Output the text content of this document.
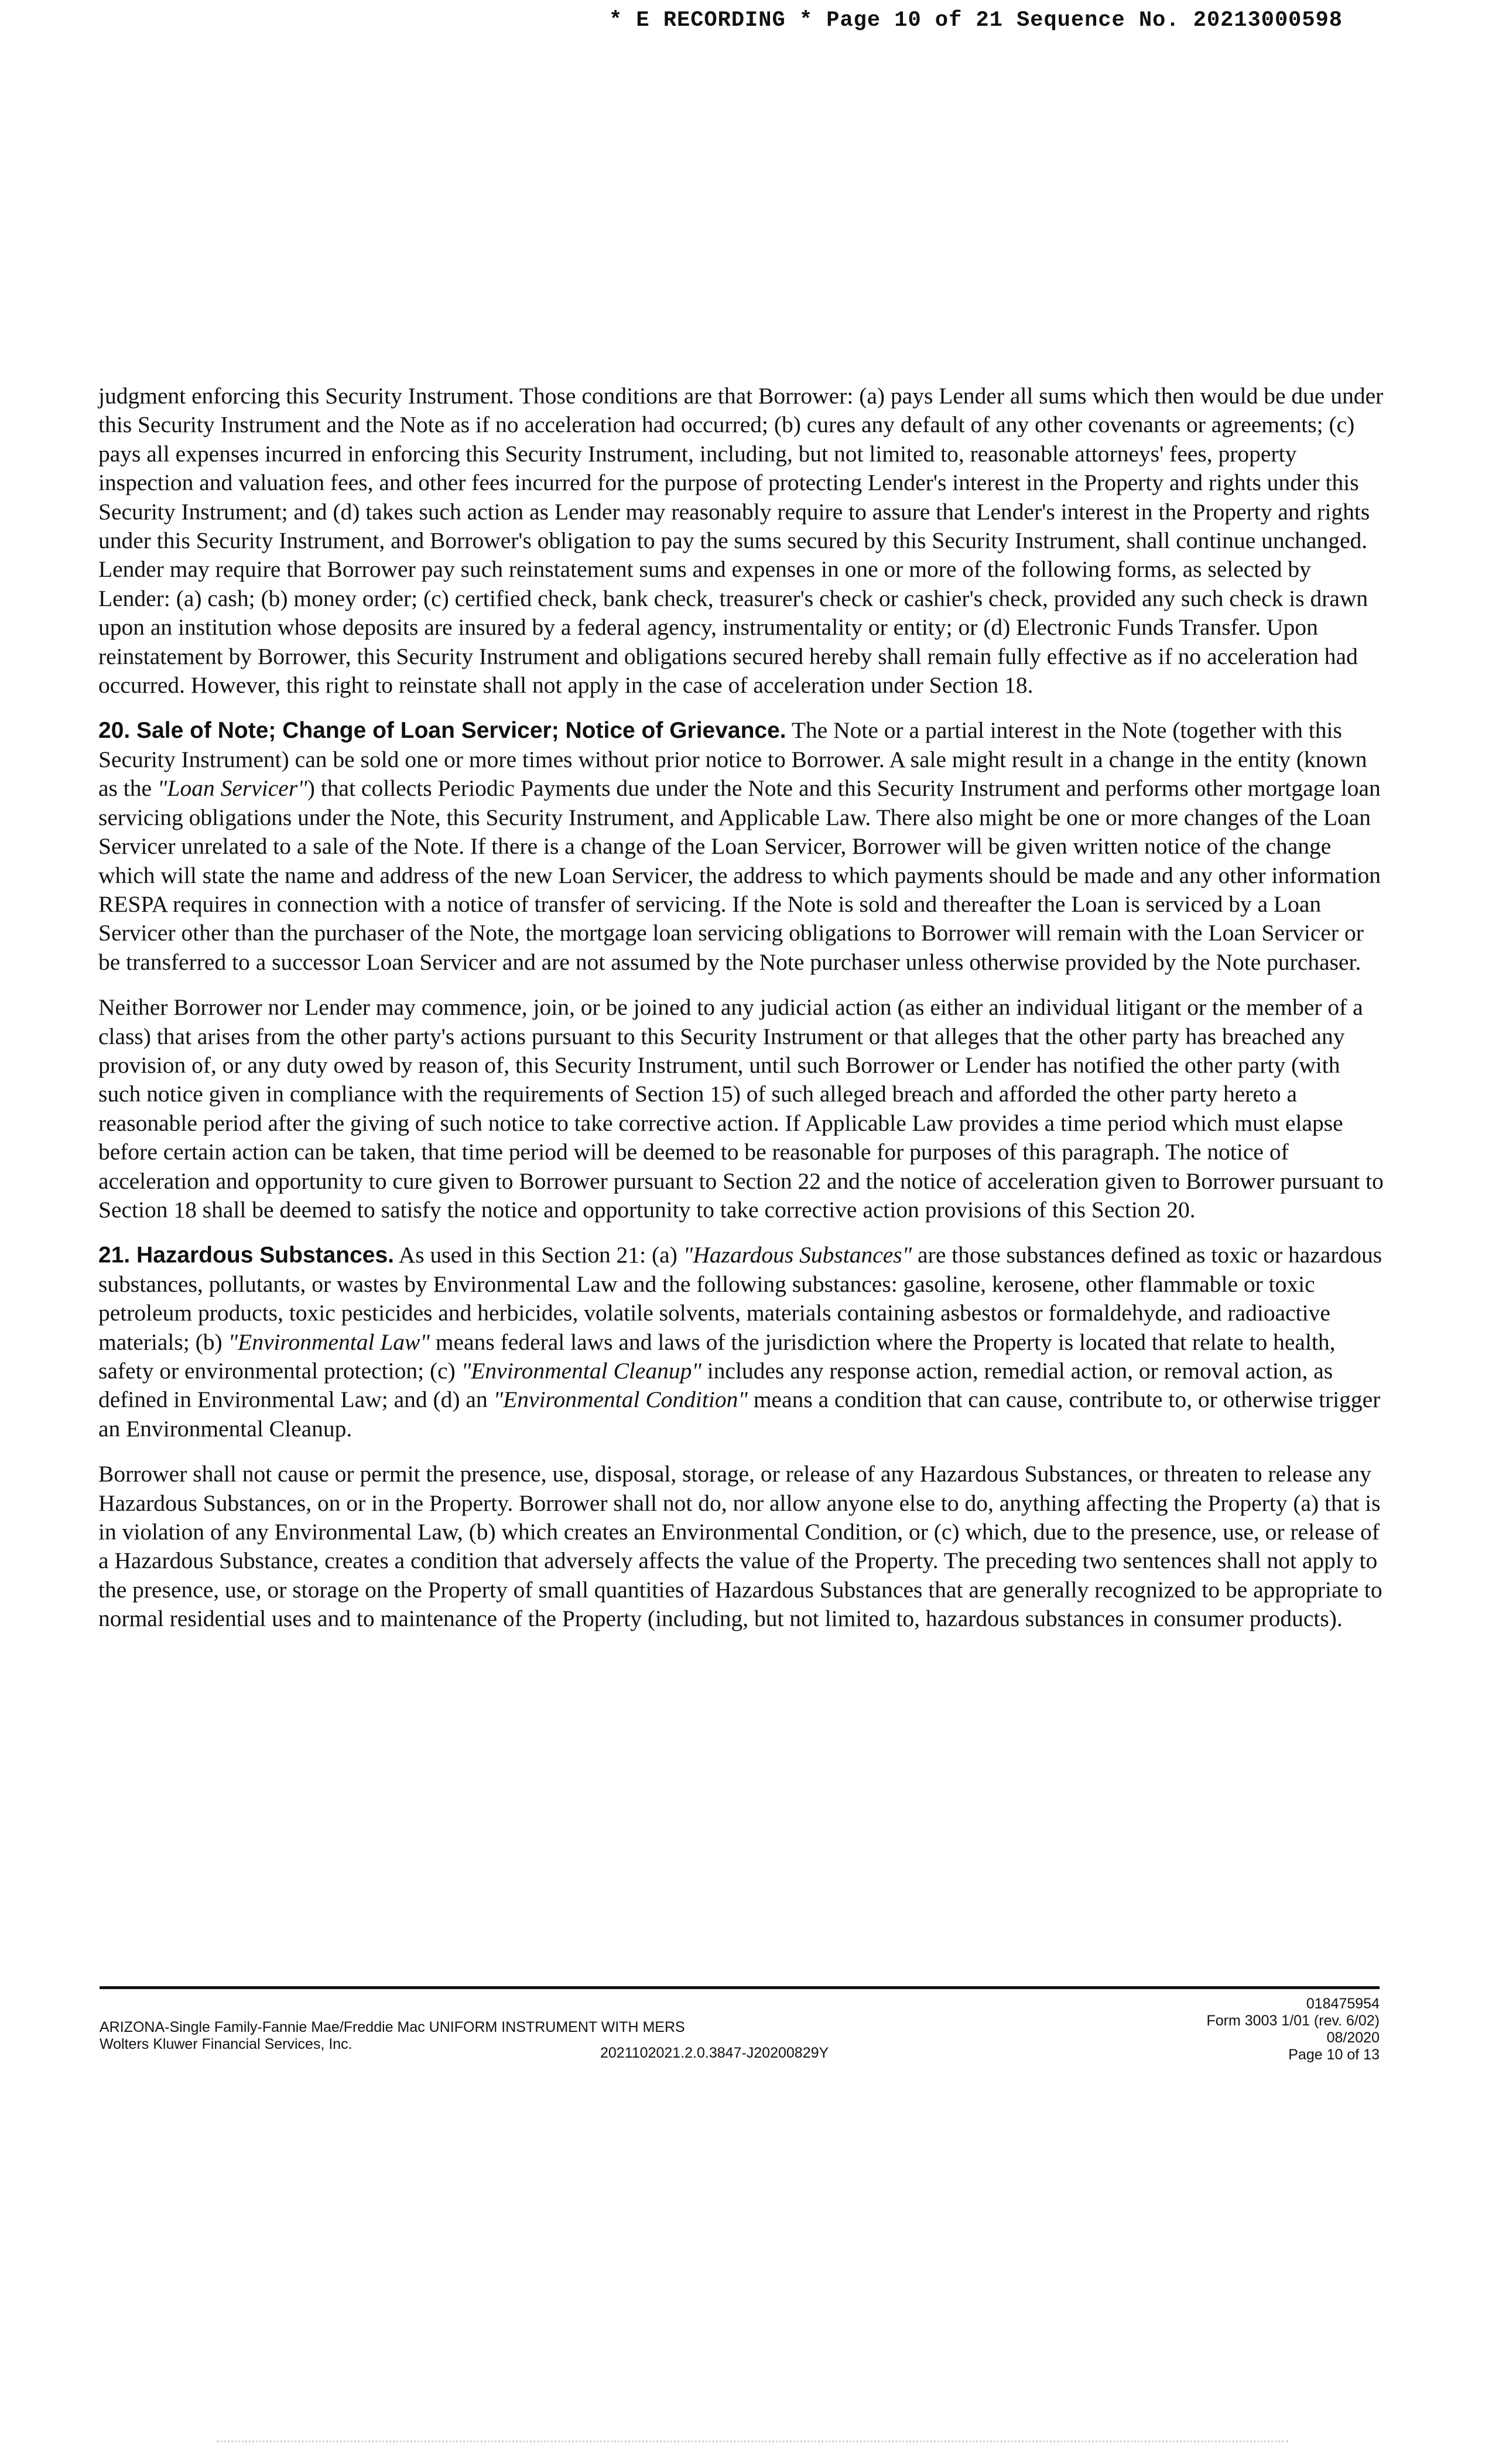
* E RECORDING * Page 10 of 21 Sequence No. 20213000598

judgment enforcing this Security Instrument. Those conditions are that Borrower: (a) pays Lender all sums which then would be due under this Security Instrument and the Note as if no acceleration had occurred; (b) cures any default of any other covenants or agreements; (c) pays all expenses incurred in enforcing this Security Instrument, including, but not limited to, reasonable attorneys' fees, property inspection and valuation fees, and other fees incurred for the purpose of protecting Lender's interest in the Property and rights under this Security Instrument; and (d) takes such action as Lender may reasonably require to assure that Lender's interest in the Property and rights under this Security Instrument, and Borrower's obligation to pay the sums secured by this Security Instrument, shall continue unchanged. Lender may require that Borrower pay such reinstatement sums and expenses in one or more of the following forms, as selected by Lender: (a) cash; (b) money order; (c) certified check, bank check, treasurer's check or cashier's check, provided any such check is drawn upon an institution whose deposits are insured by a federal agency, instrumentality or entity; or (d) Electronic Funds Transfer. Upon reinstatement by Borrower, this Security Instrument and obligations secured hereby shall remain fully effective as if no acceleration had occurred. However, this right to reinstate shall not apply in the case of acceleration under Section 18.

20. Sale of Note; Change of Loan Servicer; Notice of Grievance. The Note or a partial interest in the Note (together with this Security Instrument) can be sold one or more times without prior notice to Borrower. A sale might result in a change in the entity (known as the "Loan Servicer") that collects Periodic Payments due under the Note and this Security Instrument and performs other mortgage loan servicing obligations under the Note, this Security Instrument, and Applicable Law. There also might be one or more changes of the Loan Servicer unrelated to a sale of the Note. If there is a change of the Loan Servicer, Borrower will be given written notice of the change which will state the name and address of the new Loan Servicer, the address to which payments should be made and any other information RESPA requires in connection with a notice of transfer of servicing. If the Note is sold and thereafter the Loan is serviced by a Loan Servicer other than the purchaser of the Note, the mortgage loan servicing obligations to Borrower will remain with the Loan Servicer or be transferred to a successor Loan Servicer and are not assumed by the Note purchaser unless otherwise provided by the Note purchaser.

Neither Borrower nor Lender may commence, join, or be joined to any judicial action (as either an individual litigant or the member of a class) that arises from the other party's actions pursuant to this Security Instrument or that alleges that the other party has breached any provision of, or any duty owed by reason of, this Security Instrument, until such Borrower or Lender has notified the other party (with such notice given in compliance with the requirements of Section 15) of such alleged breach and afforded the other party hereto a reasonable period after the giving of such notice to take corrective action. If Applicable Law provides a time period which must elapse before certain action can be taken, that time period will be deemed to be reasonable for purposes of this paragraph. The notice of acceleration and opportunity to cure given to Borrower pursuant to Section 22 and the notice of acceleration given to Borrower pursuant to Section 18 shall be deemed to satisfy the notice and opportunity to take corrective action provisions of this Section 20.

21. Hazardous Substances. As used in this Section 21: (a) "Hazardous Substances" are those substances defined as toxic or hazardous substances, pollutants, or wastes by Environmental Law and the following substances: gasoline, kerosene, other flammable or toxic petroleum products, toxic pesticides and herbicides, volatile solvents, materials containing asbestos or formaldehyde, and radioactive materials; (b) "Environmental Law" means federal laws and laws of the jurisdiction where the Property is located that relate to health, safety or environmental protection; (c) "Environmental Cleanup" includes any response action, remedial action, or removal action, as defined in Environmental Law; and (d) an "Environmental Condition" means a condition that can cause, contribute to, or otherwise trigger an Environmental Cleanup.

Borrower shall not cause or permit the presence, use, disposal, storage, or release of any Hazardous Substances, or threaten to release any Hazardous Substances, on or in the Property. Borrower shall not do, nor allow anyone else to do, anything affecting the Property (a) that is in violation of any Environmental Law, (b) which creates an Environmental Condition, or (c) which, due to the presence, use, or release of a Hazardous Substance, creates a condition that adversely affects the value of the Property. The preceding two sentences shall not apply to the presence, use, or storage on the Property of small quantities of Hazardous Substances that are generally recognized to be appropriate to normal residential uses and to maintenance of the Property (including, but not limited to, hazardous substances in consumer products).

ARIZONA-Single Family-Fannie Mae/Freddie Mac UNIFORM INSTRUMENT WITH MERS
Wolters Kluwer Financial Services, Inc.
2021102021.2.0.3847-J20200829Y
018475954
Form 3003 1/01 (rev. 6/02)
08/2020
Page 10 of 13
